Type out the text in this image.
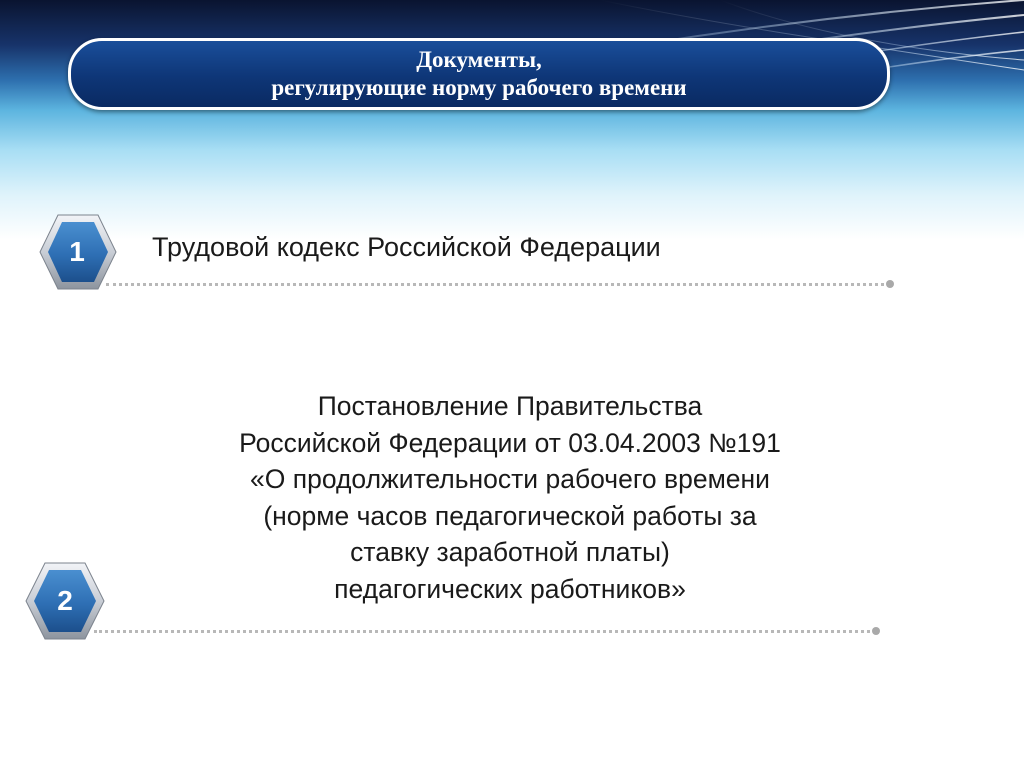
Документы,
регулирующие норму рабочего времени
1	Трудовой кодекс Российской Федерации
Постановление Правительства
Российской Федерации от 03.04.2003 №191
«О продолжительности рабочего времени
(норме часов педагогической работы за
ставку заработной платы)
педагогических работников»
2
